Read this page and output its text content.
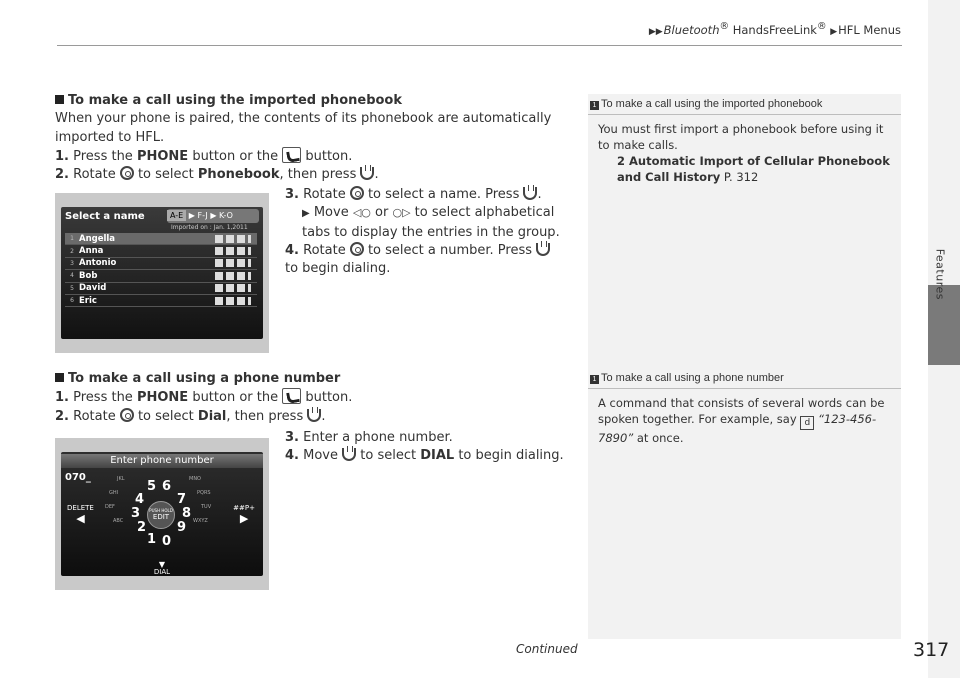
Features
▶▶Bluetooth® HandsFreeLink® ▶HFL Menus
To make a call using the imported phonebook
When your phone is paired, the contents of its phonebook are automatically imported to HFL.
1. Press the PHONE button or the  button.
2. Rotate  to select Phonebook, then press .
3. Rotate  to select a name. Press .
▶ Move ◁○ or ○▷ to select alphabetical tabs to display the entries in the group.
4. Rotate  to select a number. Press  to begin dialing.
Select a name	A-E ▶ F-J ▶ K-O
Imported on : Jan. 1,2011
1 Angella
2 Anna
3 Antonio
4 Bob
5 David
6 Eric
To make a call using a phone number
1. Press the PHONE button or the  button.
2. Rotate  to select Dial, then press .
3. Enter a phone number.
4. Move  to select DIAL to begin dialing.
Enter phone number
070_
DELETE
◀
##P+
▶
PUSH HOLD
EDIT
5 6
4	7
3	8
2 9
1 0
JKL	MNO
GHI	PQRS
DEF	TUV
ABC	WXYZ
▼
DIAL
1 To make a call using the imported phonebook
You must first import a phonebook before using it to make calls.
2 Automatic Import of Cellular Phonebook and Call History P. 312
1 To make a call using a phone number
A command that consists of several words can be spoken together. For example, say d “123-456-7890” at once.
Continued	317
